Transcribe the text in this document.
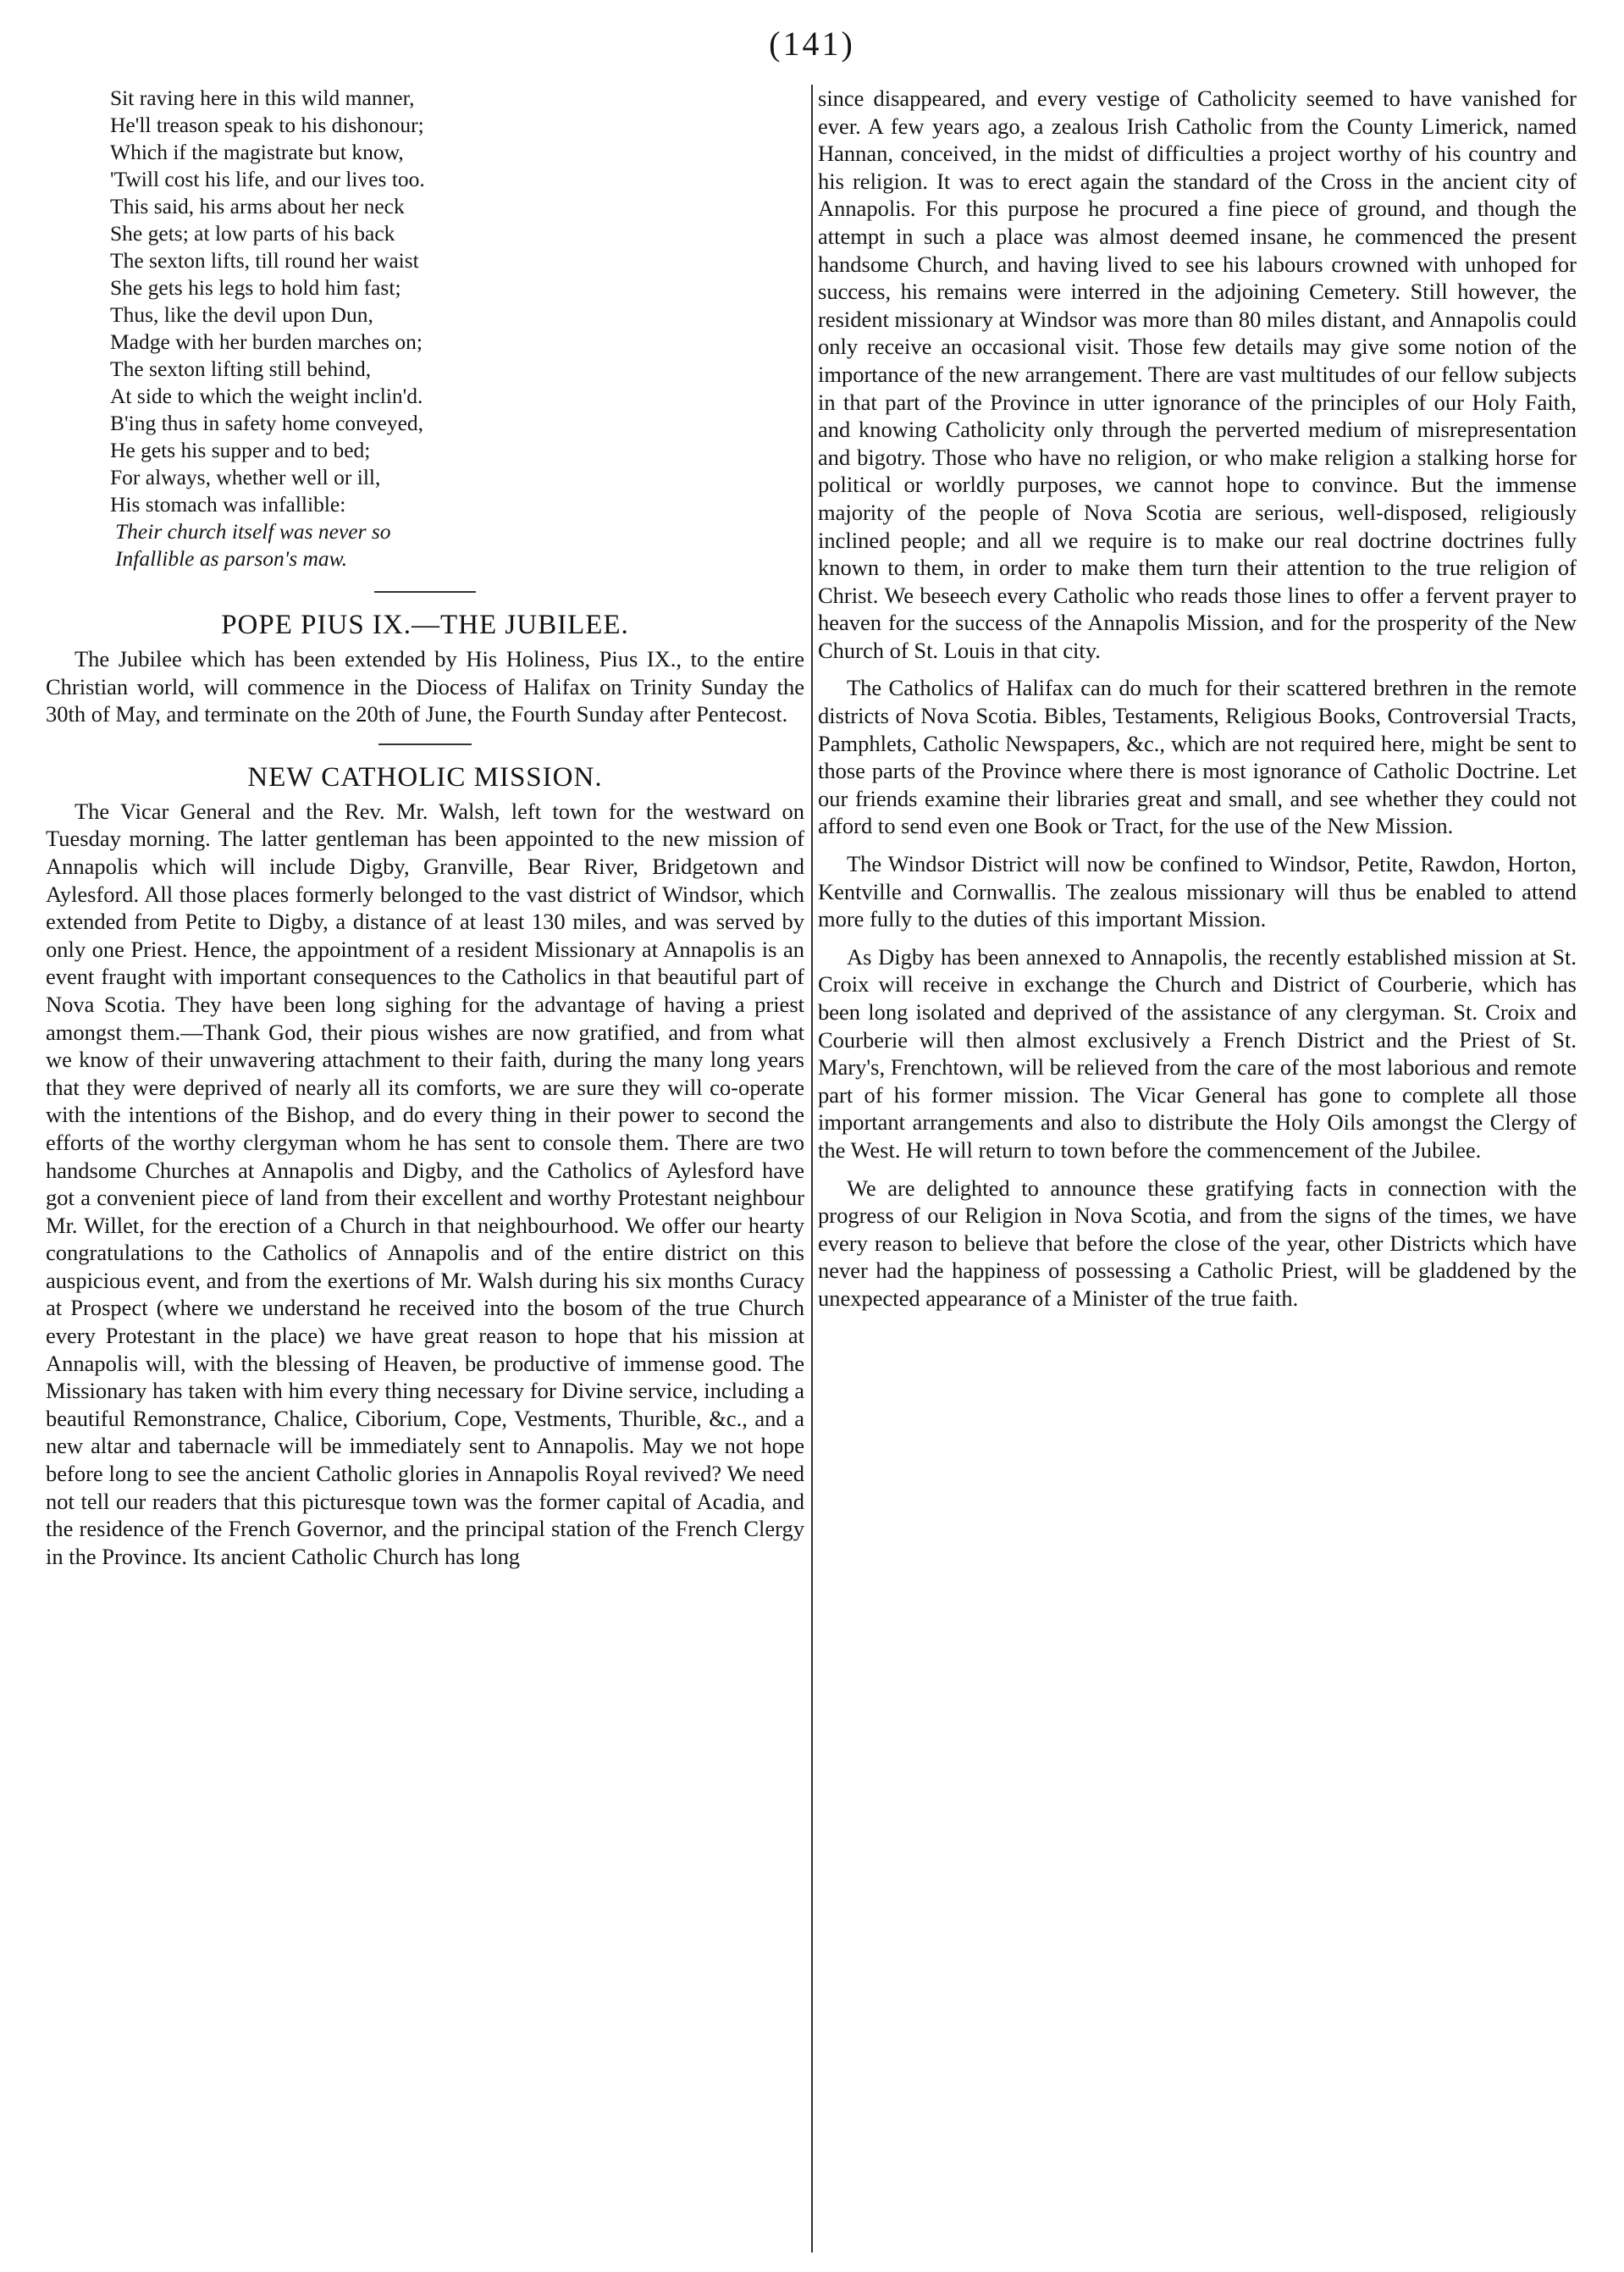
(141)
Sit raving here in this wild manner,
He'll treason speak to his dishonour;
Which if the magistrate but know,
'Twill cost his life, and our lives too.
This said, his arms about her neck
She gets; at low parts of his back
The sexton lifts, till round her waist
She gets his legs to hold him fast;
Thus, like the devil upon Dun,
Madge with her burden marches on;
The sexton lifting still behind,
At side to which the weight inclin'd.
B'ing thus in safety home conveyed,
He gets his supper and to bed;
For always, whether well or ill,
His stomach was infallible:
Their church itself was never so
Infallible as parson's maw.
POPE PIUS IX.—THE JUBILEE.

The Jubilee which has been extended by His Holiness, Pius IX., to the entire Christian world, will commence in the Diocess of Halifax on Trinity Sunday the 30th of May, and terminate on the 20th of June, the Fourth Sunday after Pentecost.

NEW CATHOLIC MISSION.

The Vicar General and the Rev. Mr. Walsh, left town for the westward on Tuesday morning. The latter gentleman has been appointed to the new mission of Annapolis which will include Digby, Granville, Bear River, Bridgetown and Aylesford. All those places formerly belonged to the vast district of Windsor, which extended from Petite to Digby, a distance of at least 130 miles, and was served by only one Priest. Hence, the appointment of a resident Missionary at Annapolis is an event fraught with important consequences to the Catholics in that beautiful part of Nova Scotia. They have been long sighing for the advantage of having a priest amongst them.—Thank God, their pious wishes are now gratified, and from what we know of their unwavering attachment to their faith, during the many long years that they were deprived of nearly all its comforts, we are sure they will co-operate with the intentions of the Bishop, and do every thing in their power to second the efforts of the worthy clergyman whom he has sent to console them. There are two handsome Churches at Annapolis and Digby, and the Catholics of Aylesford have got a convenient piece of land from their excellent and worthy Protestant neighbour Mr. Willet, for the erection of a Church in that neighbourhood. We offer our hearty congratulations to the Catholics of Annapolis and of the entire district on this auspicious event, and from the exertions of Mr. Walsh during his six months Curacy at Prospect (where we understand he received into the bosom of the true Church every Protestant in the place) we have great reason to hope that his mission at Annapolis will, with the blessing of Heaven, be productive of immense good. The Missionary has taken with him every thing necessary for Divine service, including a beautiful Remonstrance, Chalice, Ciborium, Cope, Vestments, Thurible, &c., and a new altar and tabernacle will be immediately sent to Annapolis. May we not hope before long to see the ancient Catholic glories in Annapolis Royal revived? We need not tell our readers that this picturesque town was the former capital of Acadia, and the residence of the French Governor, and the principal station of the French Clergy in the Province. Its ancient Catholic Church has long

since disappeared, and every vestige of Catholicity seemed to have vanished for ever. A few years ago, a zealous Irish Catholic from the County Limerick, named Hannan, conceived, in the midst of difficulties a project worthy of his country and his religion. It was to erect again the standard of the Cross in the ancient city of Annapolis. For this purpose he procured a fine piece of ground, and though the attempt in such a place was almost deemed insane, he commenced the present handsome Church, and having lived to see his labours crowned with unhoped for success, his remains were interred in the adjoining Cemetery. Still however, the resident missionary at Windsor was more than 80 miles distant, and Annapolis could only receive an occasional visit. Those few details may give some notion of the importance of the new arrangement. There are vast multitudes of our fellow subjects in that part of the Province in utter ignorance of the principles of our Holy Faith, and knowing Catholicity only through the perverted medium of misrepresentation and bigotry. Those who have no religion, or who make religion a stalking horse for political or worldly purposes, we cannot hope to convince. But the immense majority of the people of Nova Scotia are serious, well-disposed, religiously inclined people; and all we require is to make our real doctrine doctrines fully known to them, in order to make them turn their attention to the true religion of Christ. We beseech every Catholic who reads those lines to offer a fervent prayer to heaven for the success of the Annapolis Mission, and for the prosperity of the New Church of St. Louis in that city.

The Catholics of Halifax can do much for their scattered brethren in the remote districts of Nova Scotia. Bibles, Testaments, Religious Books, Controversial Tracts, Pamphlets, Catholic Newspapers, &c., which are not required here, might be sent to those parts of the Province where there is most ignorance of Catholic Doctrine. Let our friends examine their libraries great and small, and see whether they could not afford to send even one Book or Tract, for the use of the New Mission.

The Windsor District will now be confined to Windsor, Petite, Rawdon, Horton, Kentville and Cornwallis. The zealous missionary will thus be enabled to attend more fully to the duties of this important Mission.

As Digby has been annexed to Annapolis, the recently established mission at St. Croix will receive in exchange the Church and District of Courberie, which has been long isolated and deprived of the assistance of any clergyman. St. Croix and Courberie will then almost exclusively a French District and the Priest of St. Mary's, Frenchtown, will be relieved from the care of the most laborious and remote part of his former mission. The Vicar General has gone to complete all those important arrangements and also to distribute the Holy Oils amongst the Clergy of the West. He will return to town before the commencement of the Jubilee.

We are delighted to announce these gratifying facts in connection with the progress of our Religion in Nova Scotia, and from the signs of the times, we have every reason to believe that before the close of the year, other Districts which have never had the happiness of possessing a Catholic Priest, will be gladdened by the unexpected appearance of a Minister of the true faith.
